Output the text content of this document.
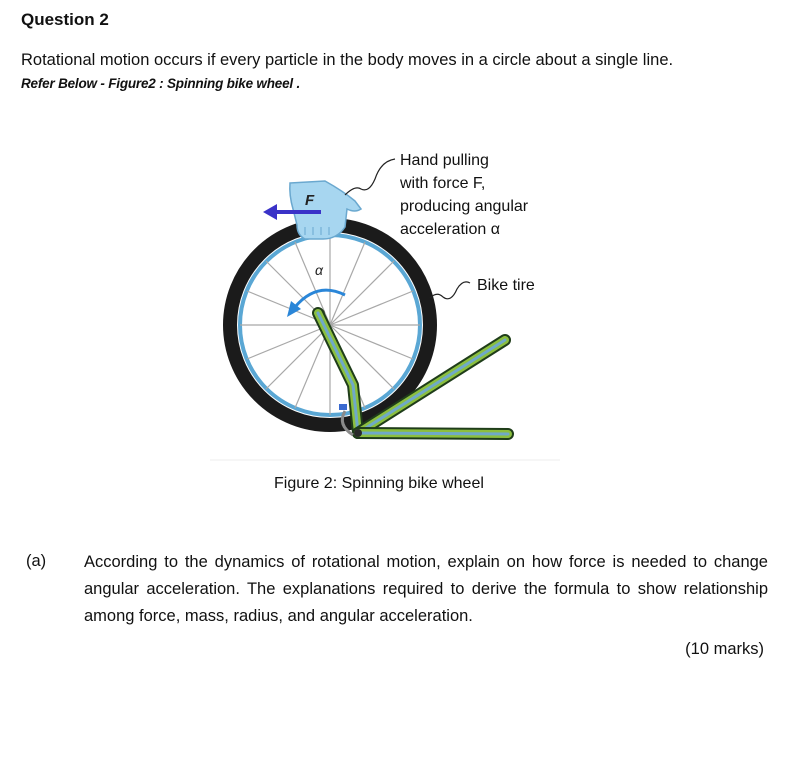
Question 2
Rotational motion occurs if every particle in the body moves in a circle about a single line.
Refer Below - Figure2 : Spinning bike wheel .
α
F
Hand pulling with force F, producing angular acceleration α
Bike tire
Figure 2: Spinning bike wheel
(a) According to the dynamics of rotational motion, explain on how force is needed to change angular acceleration. The explanations required to derive the formula to show relationship among force, mass, radius, and angular acceleration.
(10 marks)
